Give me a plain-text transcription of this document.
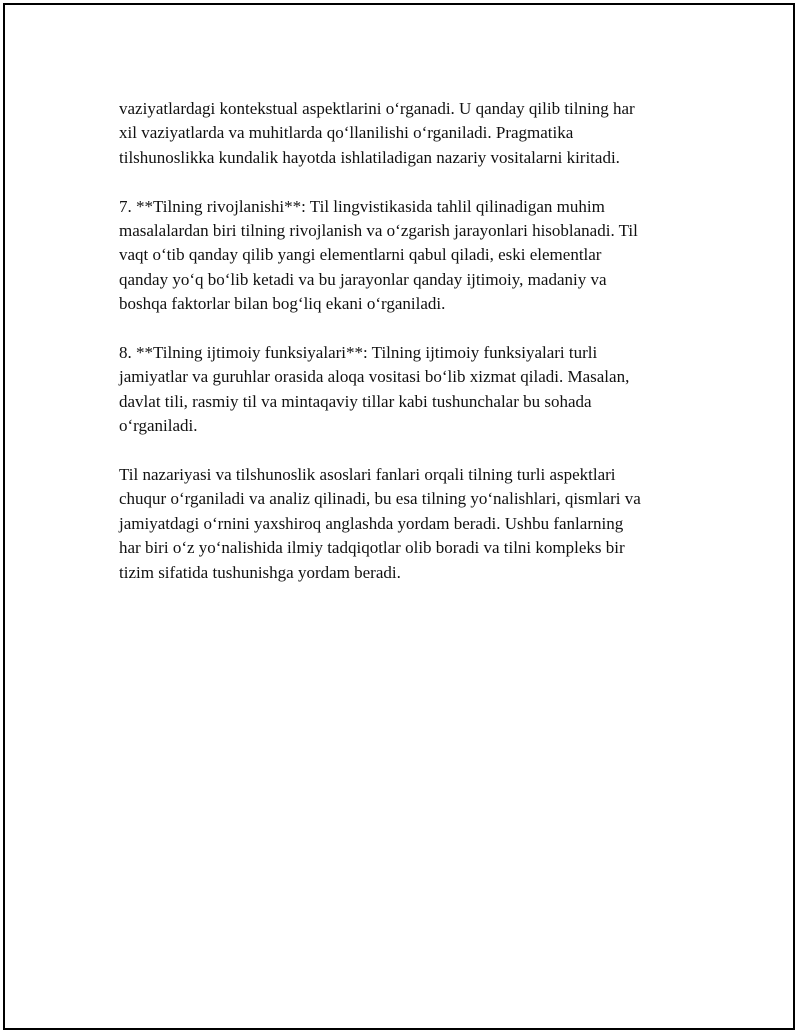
vaziyatlardagi kontekstual aspektlarini o‘rganadi. U qanday qilib tilning har
xil vaziyatlarda va muhitlarda qo‘llanilishi o‘rganiladi. Pragmatika
tilshunoslikka kundalik hayotda ishlatiladigan nazariy vositalarni kiritadi.

7. **Tilning rivojlanishi**: Til lingvistikasida tahlil qilinadigan muhim
masalalardan biri tilning rivojlanish va o‘zgarish jarayonlari hisoblanadi. Til
vaqt o‘tib qanday qilib yangi elementlarni qabul qiladi, eski elementlar
qanday yo‘q bo‘lib ketadi va bu jarayonlar qanday ijtimoiy, madaniy va
boshqa faktorlar bilan bog‘liq ekani o‘rganiladi.

8. **Tilning ijtimoiy funksiyalari**: Tilning ijtimoiy funksiyalari turli
jamiyatlar va guruhlar orasida aloqa vositasi bo‘lib xizmat qiladi. Masalan,
davlat tili, rasmiy til va mintaqaviy tillar kabi tushunchalar bu sohada
o‘rganiladi.

Til nazariyasi va tilshunoslik asoslari fanlari orqali tilning turli aspektlari
chuqur o‘rganiladi va analiz qilinadi, bu esa tilning yo‘nalishlari, qismlari va
jamiyatdagi o‘rnini yaxshiroq anglashda yordam beradi. Ushbu fanlarning
har biri o‘z yo‘nalishida ilmiy tadqiqotlar olib boradi va tilni kompleks bir
tizim sifatida tushunishga yordam beradi.
